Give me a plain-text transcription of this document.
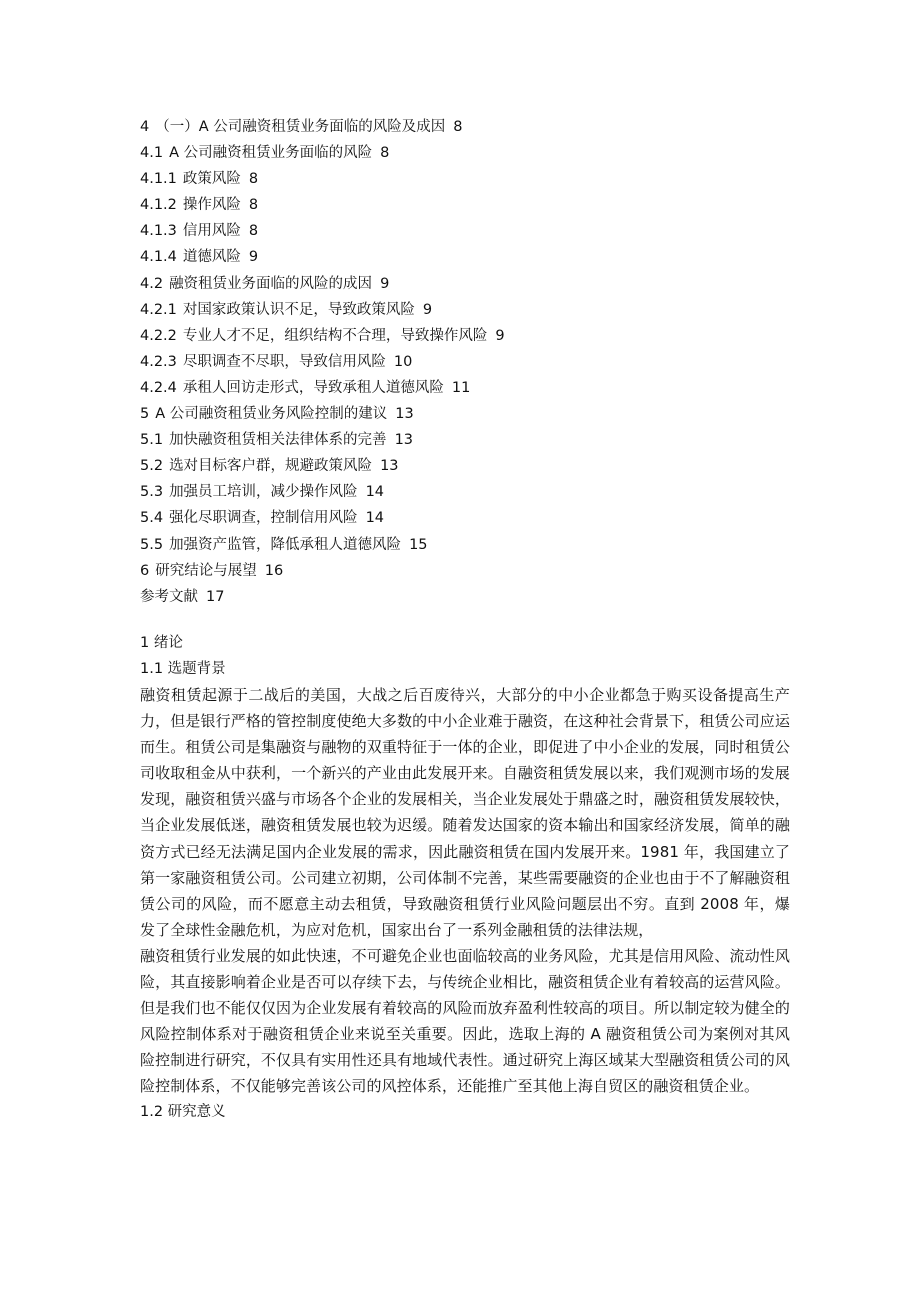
4 （一）A 公司融资租赁业务面临的风险及成因 8
4.1 A 公司融资租赁业务面临的风险 8
4.1.1 政策风险 8
4.1.2 操作风险 8
4.1.3 信用风险 8
4.1.4 道德风险 9
4.2 融资租赁业务面临的风险的成因 9
4.2.1 对国家政策认识不足，导致政策风险 9
4.2.2 专业人才不足，组织结构不合理，导致操作风险 9
4.2.3 尽职调查不尽职，导致信用风险 10
4.2.4 承租人回访走形式，导致承租人道德风险 11
5 A 公司融资租赁业务风险控制的建议 13
5.1 加快融资租赁相关法律体系的完善 13
5.2 选对目标客户群，规避政策风险 13
5.3 加强员工培训，减少操作风险 14
5.4 强化尽职调查，控制信用风险 14
5.5 加强资产监管，降低承租人道德风险 15
6 研究结论与展望 16
参考文献 17
1 绪论
1.1 选题背景

融资租赁起源于二战后的美国，大战之后百废待兴，大部分的中小企业都急于购买设备提高生产力，但是银行严格的管控制度使绝大多数的中小企业难于融资，在这种社会背景下，租赁公司应运而生。租赁公司是集融资与融物的双重特征于一体的企业，即促进了中小企业的发展，同时租赁公司收取租金从中获利，一个新兴的产业由此发展开来。自融资租赁发展以来，我们观测市场的发展发现，融资租赁兴盛与市场各个企业的发展相关，当企业发展处于鼎盛之时，融资租赁发展较快，当企业发展低迷，融资租赁发展也较为迟缓。随着发达国家的资本输出和国家经济发展，简单的融资方式已经无法满足国内企业发展的需求，因此融资租赁在国内发展开来。1981 年，我国建立了第一家融资租赁公司。公司建立初期，公司体制不完善，某些需要融资的企业也由于不了解融资租赁公司的风险，而不愿意主动去租赁，导致融资租赁行业风险问题层出不穷。直到 2008 年，爆发了全球性金融危机，为应对危机，国家出台了一系列金融租赁的法律法规，

融资租赁行业发展的如此快速，不可避免企业也面临较高的业务风险，尤其是信用风险、流动性风险，其直接影响着企业是否可以存续下去，与传统企业相比，融资租赁企业有着较高的运营风险。但是我们也不能仅仅因为企业发展有着较高的风险而放弃盈利性较高的项目。所以制定较为健全的风险控制体系对于融资租赁企业来说至关重要。因此，选取上海的 A 融资租赁公司为案例对其风险控制进行研究，不仅具有实用性还具有地域代表性。通过研究上海区域某大型融资租赁公司的风险控制体系，不仅能够完善该公司的风控体系，还能推广至其他上海自贸区的融资租赁企业。

1.2 研究意义
